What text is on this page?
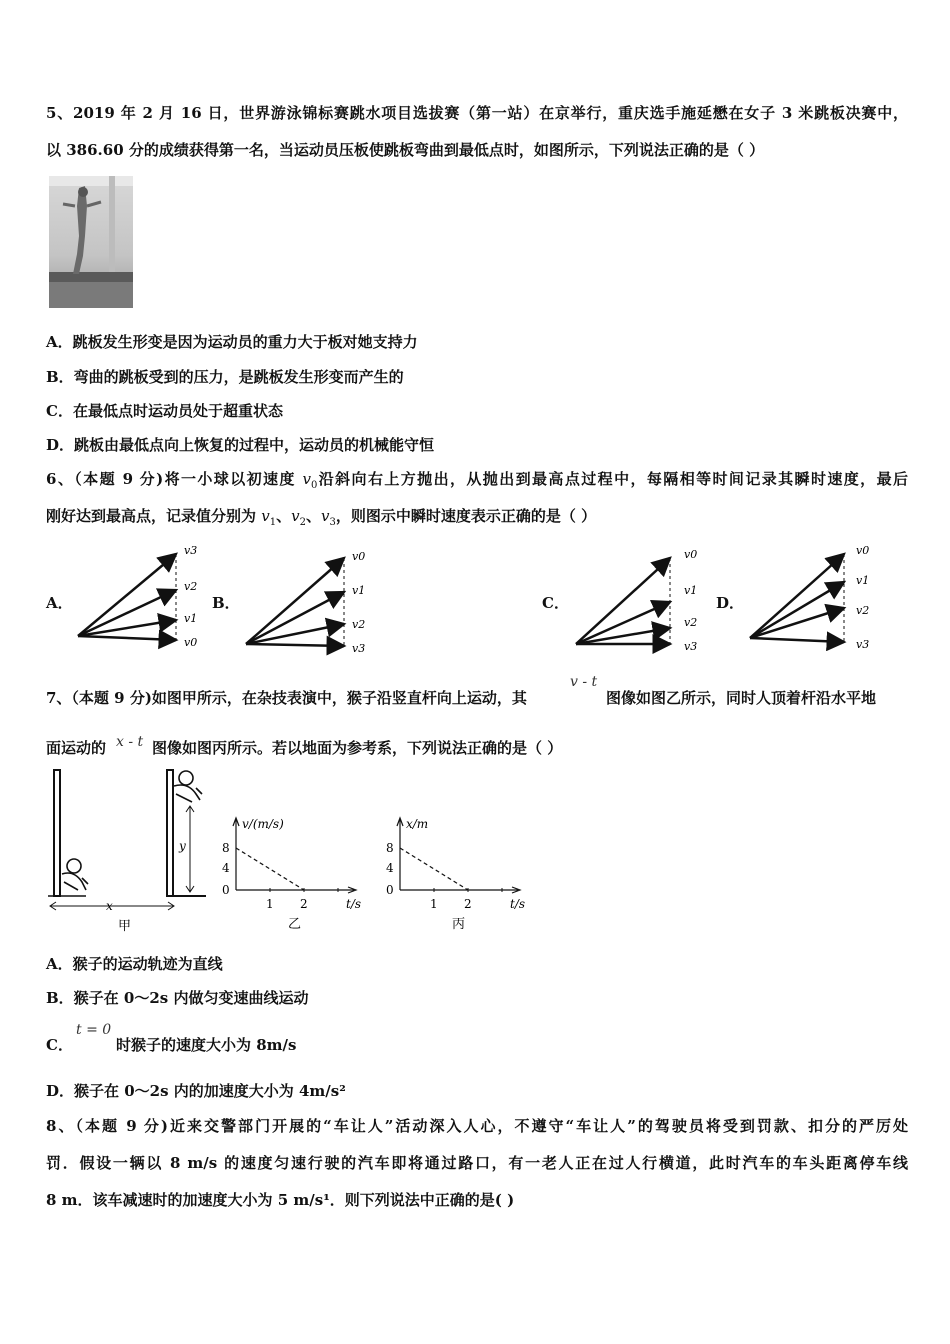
5、2019 年 2 月 16 日，世界游泳锦标赛跳水项目选拔赛（第一站）在京举行，重庆选手施延懋在女子 3 米跳板决赛中，
以 386.60 分的成绩获得第一名，当运动员压板使跳板弯曲到最低点时，如图所示，下列说法正确的是（ ）
A．跳板发生形变是因为运动员的重力大于板对她支持力
B．弯曲的跳板受到的压力，是跳板发生形变而产生的
C．在最低点时运动员处于超重状态
D．跳板由最低点向上恢复的过程中，运动员的机械能守恒
6、（本题 9 分)将一小球以初速度 $v_0$沿斜向右上方抛出，从抛出到最高点过程中，每隔相等时间记录其瞬时速度，最后
刚好达到最高点，记录值分别为 $v_1$、$v_2$、$v_3$，则图示中瞬时速度表示正确的是（ ）
A．	B．	C．	D．
v3
v2
v1
v0
v0
v1
v2
v3
v0
v1
v2
v3
v0
v1
v2
v3
7、（本题 9 分)如图甲所示，在杂技表演中，猴子沿竖直杆向上运动，其
v - t
图像如图乙所示，同时人顶着杆沿水平地
面运动的 x - t 图像如图丙所示。若以地面为参考系，下列说法正确的是（ ）
y
x
甲
v/(m/s)
8
4
0
1 2	t/s
乙
x/m
8
4
0
1 2	t/s
丙
A．猴子的运动轨迹为直线
B．猴子在 0～2s 内做匀变速曲线运动
C．
t = 0
时猴子的速度大小为 8m/s
D．猴子在 0～2s 内的加速度大小为 4m/s²
8、（本题 9 分)近来交警部门开展的“车让人”活动深入人心，不遵守“车让人”的驾驶员将受到罚款、扣分的严厉处
罚．假设一辆以 8 m/s 的速度匀速行驶的汽车即将通过路口，有一老人正在过人行横道，此时汽车的车头距离停车线
8 m．该车减速时的加速度大小为 5 m/s¹．则下列说法中正确的是( )
